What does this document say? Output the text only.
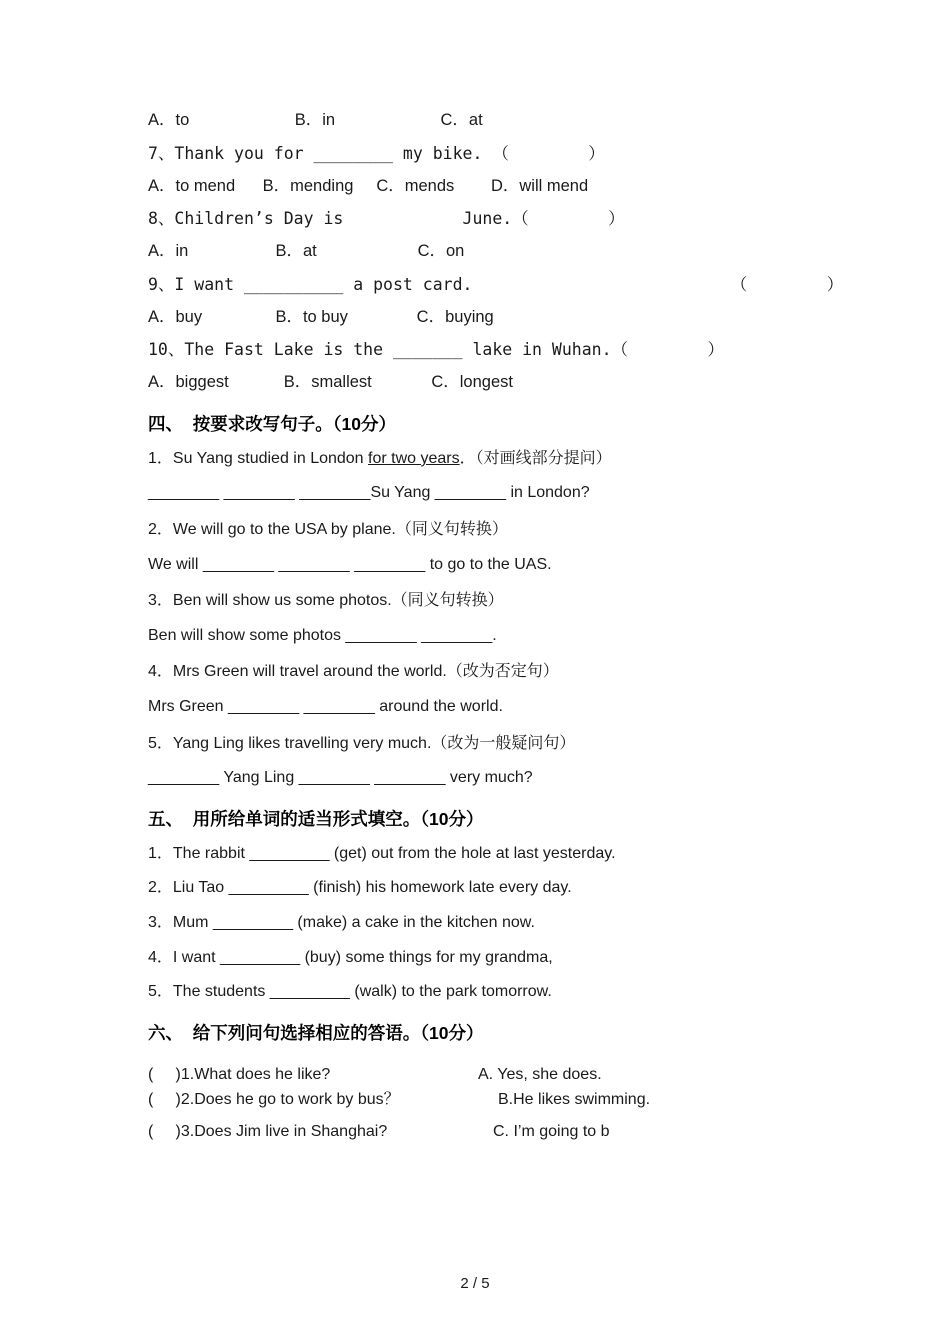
A．to                       B．in                       C．at
7、Thank you for ________ my bike. （        ）
A．to mend      B．mending     C．mends        D．will mend
8、Children’s Day is            June.（        ）
A．in                   B．at                      C．on
9、I want __________ a post card.                          （        ）
A．buy                B．to buy               C．buying
10、The Fast Lake is the _______ lake in Wuhan.（        ）
A．biggest            B．smallest             C．longest
四、  按要求改写句子。（10分）
1．Su Yang studied in London for two years．（对画线部分提问）
________ ________ ________Su Yang ________ in London?
2．We will go to the USA by plane.（同义句转换）
We will ________ ________ ________ to go to the UAS.
3．Ben will show us some photos.（同义句转换）
Ben will show some photos ________ ________.
4．Mrs Green will travel around the world.（改为否定句）
Mrs Green ________ ________ around the world.
5．Yang Ling likes travelling very much.（改为一般疑问句）
________ Yang Ling ________ ________ very much?
五、  用所给单词的适当形式填空。（10分）
1．The rabbit _________ (get) out from the hole at last yesterday.
2．Liu Tao _________ (finish) his homework late every day.
3．Mum _________ (make) a cake in the kitchen now.
4．I want _________ (buy) some things for my grandma,
5．The students _________ (walk) to the park tomorrow.
六、  给下列问句选择相应的答语。（10分）
(     )1.What does he like?	A. Yes, she does.
(     )2.Does he go to work by bus？	B.He likes swimming.
(     )3.Does Jim live in Shanghai?	C. I’m going to b
2 / 5
